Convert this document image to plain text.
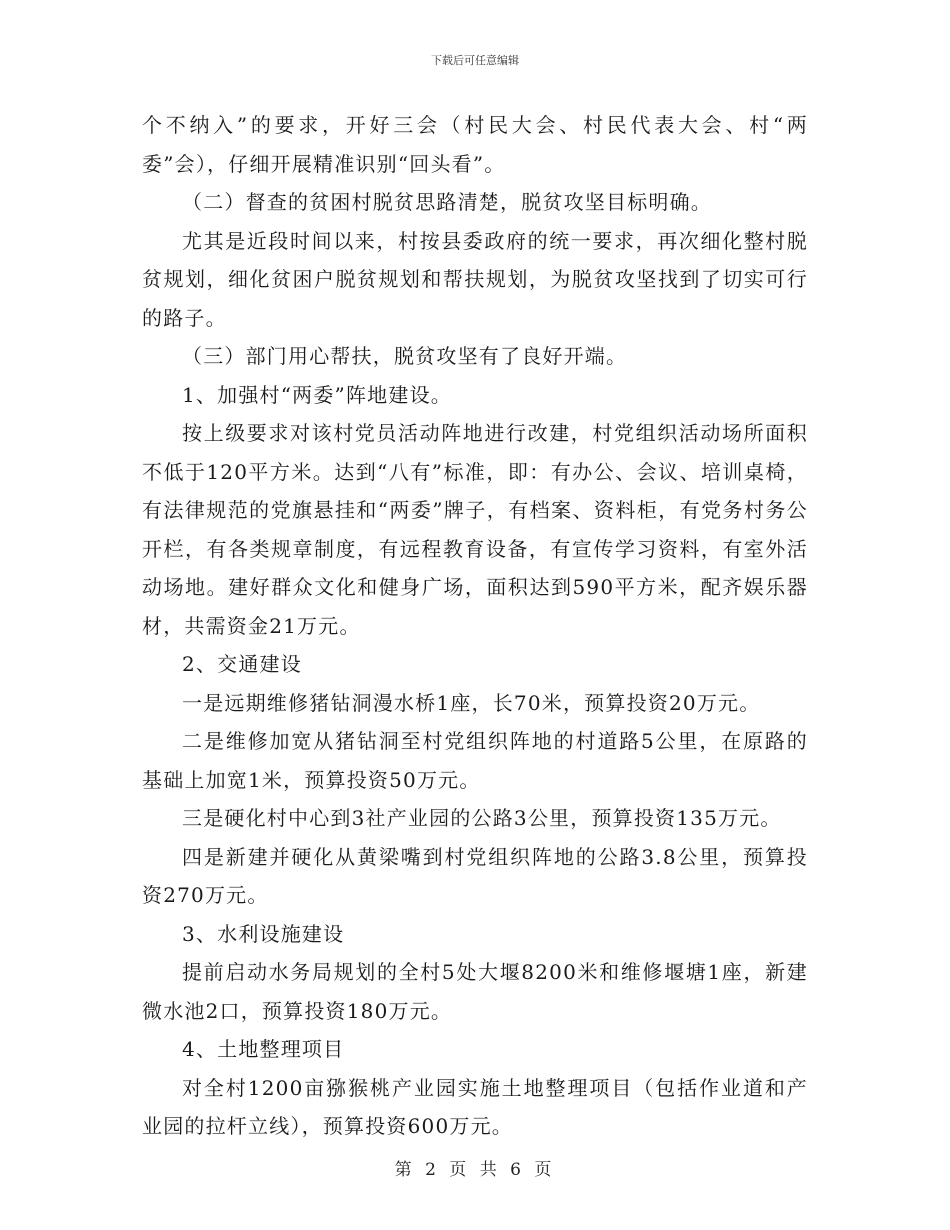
下载后可任意编辑

个不纳入”的要求，开好三会（村民大会、村民代表大会、村“两委”会），仔细开展精准识别“回头看”。

（二）督查的贫困村脱贫思路清楚，脱贫攻坚目标明确。

尤其是近段时间以来，村按县委政府的统一要求，再次细化整村脱贫规划，细化贫困户脱贫规划和帮扶规划，为脱贫攻坚找到了切实可行的路子。

（三）部门用心帮扶，脱贫攻坚有了良好开端。

1、加强村“两委”阵地建设。

按上级要求对该村党员活动阵地进行改建，村党组织活动场所面积不低于120平方米。达到“八有”标准，即：有办公、会议、培训桌椅，有法律规范的党旗悬挂和“两委”牌子，有档案、资料柜，有党务村务公开栏，有各类规章制度，有远程教育设备，有宣传学习资料，有室外活动场地。建好群众文化和健身广场，面积达到590平方米，配齐娱乐器材，共需资金21万元。

2、交通建设

一是远期维修猪钻洞漫水桥1座，长70米，预算投资20万元。

二是维修加宽从猪钻洞至村党组织阵地的村道路5公里，在原路的基础上加宽1米，预算投资50万元。

三是硬化村中心到3社产业园的公路3公里，预算投资135万元。

四是新建并硬化从黄梁嘴到村党组织阵地的公路3.8公里，预算投资270万元。

3、水利设施建设

提前启动水务局规划的全村5处大堰8200米和维修堰塘1座，新建微水池2口，预算投资180万元。

4、土地整理项目

对全村1200亩猕猴桃产业园实施土地整理项目（包括作业道和产业园的拉杆立线），预算投资600万元。

第 2 页 共 6 页
